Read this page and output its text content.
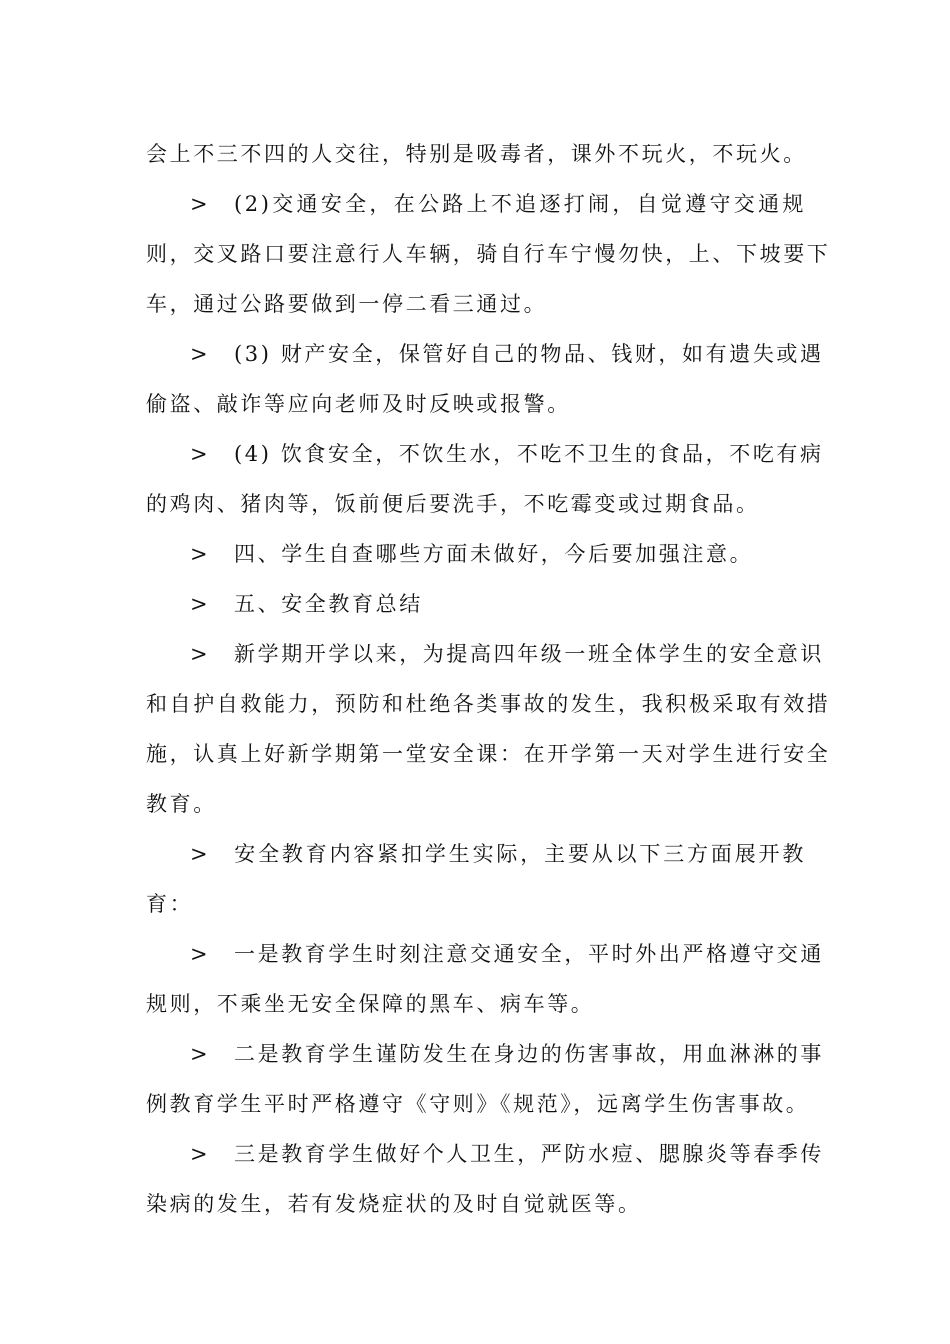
会上不三不四的人交往，特别是吸毒者，课外不玩火，不玩火。
> (2)交通安全，在公路上不追逐打闹，自觉遵守交通规
则，交叉路口要注意行人车辆，骑自行车宁慢勿快，上、下坡要下
车，通过公路要做到一停二看三通过。
> (3) 财产安全，保管好自己的物品、钱财，如有遗失或遇
偷盗、敲诈等应向老师及时反映或报警。
> (4) 饮食安全，不饮生水，不吃不卫生的食品，不吃有病
的鸡肉、猪肉等，饭前便后要洗手，不吃霉变或过期食品。
> 四、学生自查哪些方面未做好，今后要加强注意。
> 五、安全教育总结
> 新学期开学以来，为提高四年级一班全体学生的安全意识
和自护自救能力，预防和杜绝各类事故的发生，我积极采取有效措
施，认真上好新学期第一堂安全课：在开学第一天对学生进行安全
教育。
> 安全教育内容紧扣学生实际，主要从以下三方面展开教
育：
> 一是教育学生时刻注意交通安全，平时外出严格遵守交通
规则，不乘坐无安全保障的黑车、病车等。
> 二是教育学生谨防发生在身边的伤害事故，用血淋淋的事
例教育学生平时严格遵守《守则》《规范》，远离学生伤害事故。
> 三是教育学生做好个人卫生，严防水痘、腮腺炎等春季传
染病的发生，若有发烧症状的及时自觉就医等。
